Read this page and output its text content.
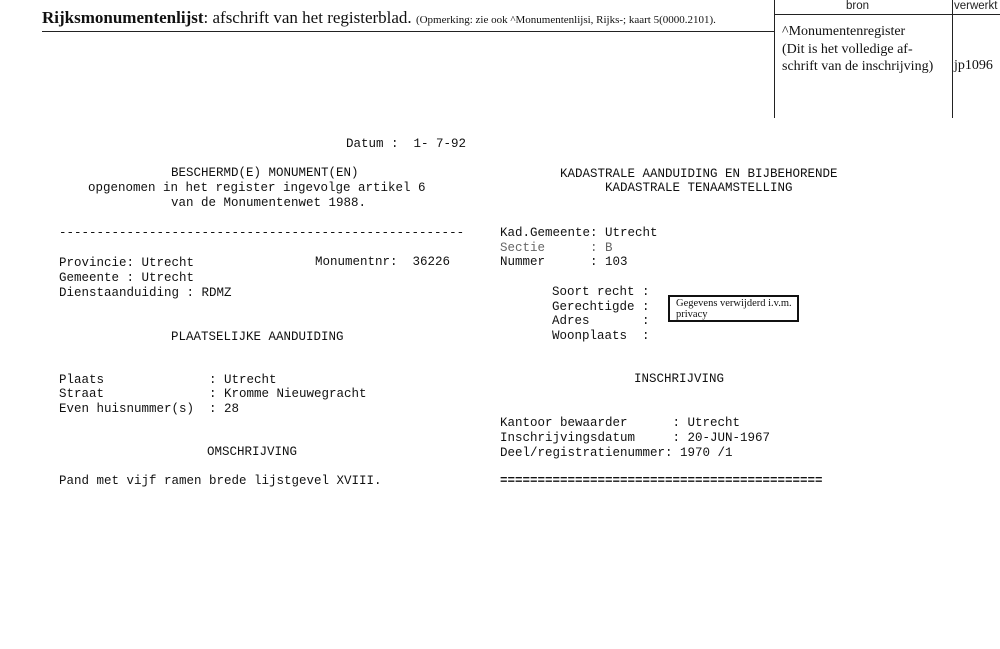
Rijksmonumentenlijst: afschrift van het registerblad. (Opmerking: zie ook ^Monumentenlijsi, Rijks-; kaart 5(0000.2101).
bron	verwerkt
^Monumentenregister
(Dit is het volledige af-
schrift van de inschrijving) jp1096
Datum :  1- 7-92
BESCHERMD(E) MONUMENT(EN)
opgenomen in het register ingevolge artikel 6
van de Monumentenwet 1988.
------------------------------------------------------
Provincie: Utrecht	Monumentnr:  36226
Gemeente : Utrecht
Dienstaanduiding : RDMZ
PLAATSELIJKE AANDUIDING
Plaats              : Utrecht
Straat              : Kromme Nieuwegracht
Even huisnummer(s)  : 28
OMSCHRIJVING
Pand met vijf ramen brede lijstgevel XVIII.
KADASTRALE AANDUIDING EN BIJBEHORENDE
KADASTRALE TENAAMSTELLING
Kad.Gemeente: Utrecht
Sectie      : B
Nummer      : 103
Soort recht :
Gerechtigde :
Adres       :
Woonplaats  :
Gegevens verwijderd i.v.m. privacy
INSCHRIJVING
Kantoor bewaarder      : Utrecht
Inschrijvingsdatum     : 20-JUN-1967
Deel/registratienummer: 1970 /1
===========================================
